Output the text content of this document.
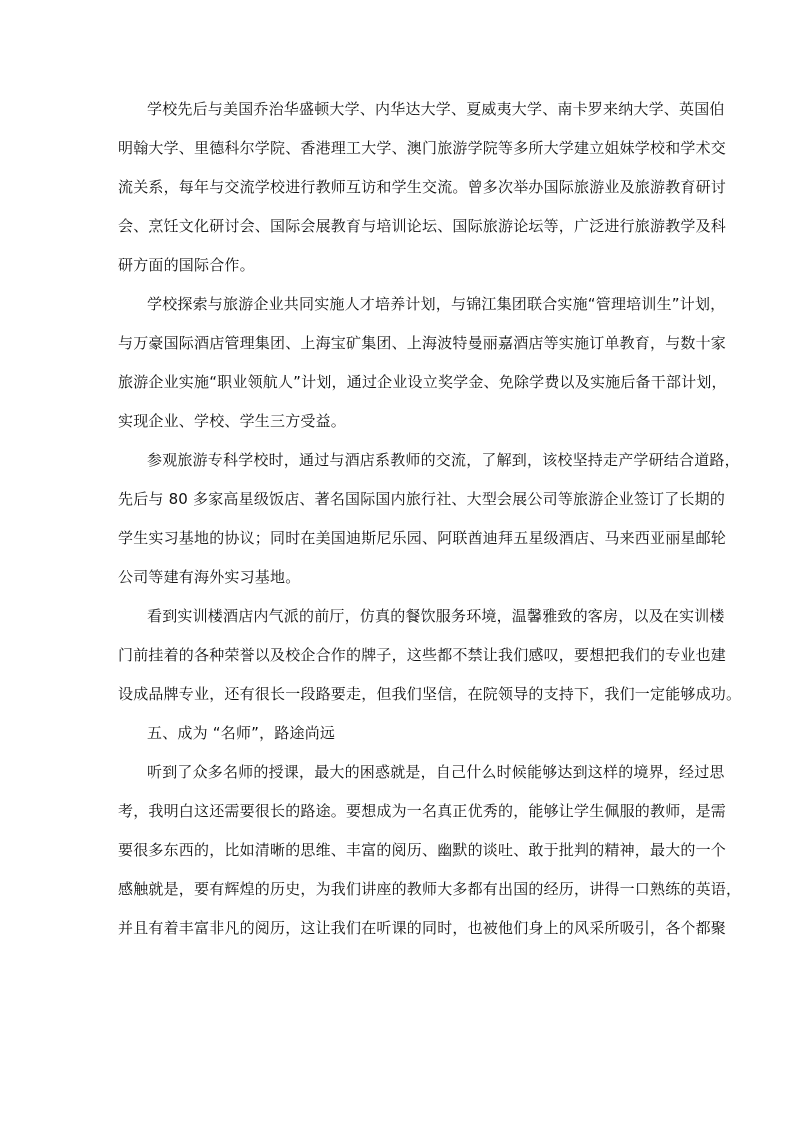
学校先后与美国乔治华盛顿大学、内华达大学、夏威夷大学、南卡罗来纳大学、英国伯
明翰大学、里德科尔学院、香港理工大学、澳门旅游学院等多所大学建立姐妹学校和学术交
流关系，每年与交流学校进行教师互访和学生交流。曾多次举办国际旅游业及旅游教育研讨
会、烹饪文化研讨会、国际会展教育与培训论坛、国际旅游论坛等，广泛进行旅游教学及科
研方面的国际合作。
学校探索与旅游企业共同实施人才培养计划，与锦江集团联合实施“管理培训生”计划，
与万豪国际酒店管理集团、上海宝矿集团、上海波特曼丽嘉酒店等实施订单教育，与数十家
旅游企业实施“职业领航人”计划，通过企业设立奖学金、免除学费以及实施后备干部计划，
实现企业、学校、学生三方受益。
参观旅游专科学校时，通过与酒店系教师的交流，了解到，该校坚持走产学研结合道路，
先后与 80 多家高星级饭店、著名国际国内旅行社、大型会展公司等旅游企业签订了长期的
学生实习基地的协议；同时在美国迪斯尼乐园、阿联酋迪拜五星级酒店、马来西亚丽星邮轮
公司等建有海外实习基地。
看到实训楼酒店内气派的前厅，仿真的餐饮服务环境，温馨雅致的客房，以及在实训楼
门前挂着的各种荣誉以及校企合作的牌子，这些都不禁让我们感叹，要想把我们的专业也建
设成品牌专业，还有很长一段路要走，但我们坚信，在院领导的支持下，我们一定能够成功。
五、成为 “名师”，路途尚远
听到了众多名师的授课，最大的困惑就是，自己什么时候能够达到这样的境界，经过思
考，我明白这还需要很长的路途。要想成为一名真正优秀的，能够让学生佩服的教师，是需
要很多东西的，比如清晰的思维、丰富的阅历、幽默的谈吐、敢于批判的精神，最大的一个
感触就是，要有辉煌的历史，为我们讲座的教师大多都有出国的经历，讲得一口熟练的英语，
并且有着丰富非凡的阅历，这让我们在听课的同时，也被他们身上的风采所吸引，各个都聚
